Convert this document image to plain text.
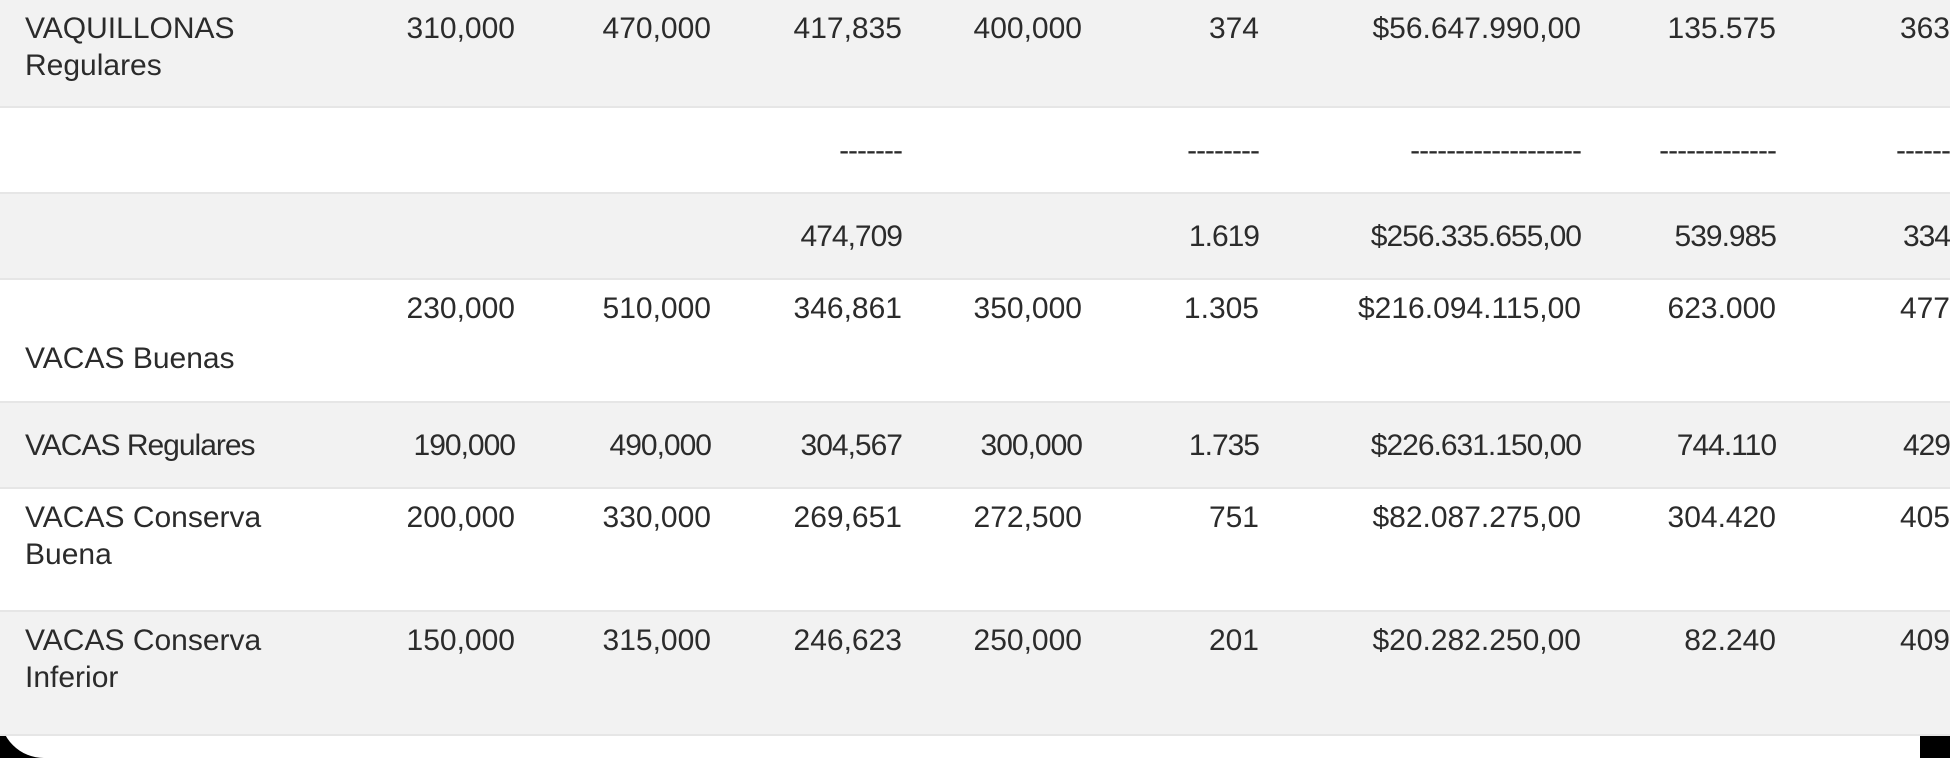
VAQUILLONAS Regulares	310,000	470,000	417,835	400,000	374	$56.647.990,00	135.575	363
			-------		--------	-------------------	-------------	------
			474,709		1.619	$256.335.655,00	539.985	334
VACAS Buenas	230,000	510,000	346,861	350,000	1.305	$216.094.115,00	623.000	477
VACAS Regulares	190,000	490,000	304,567	300,000	1.735	$226.631.150,00	744.110	429
VACAS Conserva Buena	200,000	330,000	269,651	272,500	751	$82.087.275,00	304.420	405
VACAS Conserva Inferior	150,000	315,000	246,623	250,000	201	$20.282.250,00	82.240	409
